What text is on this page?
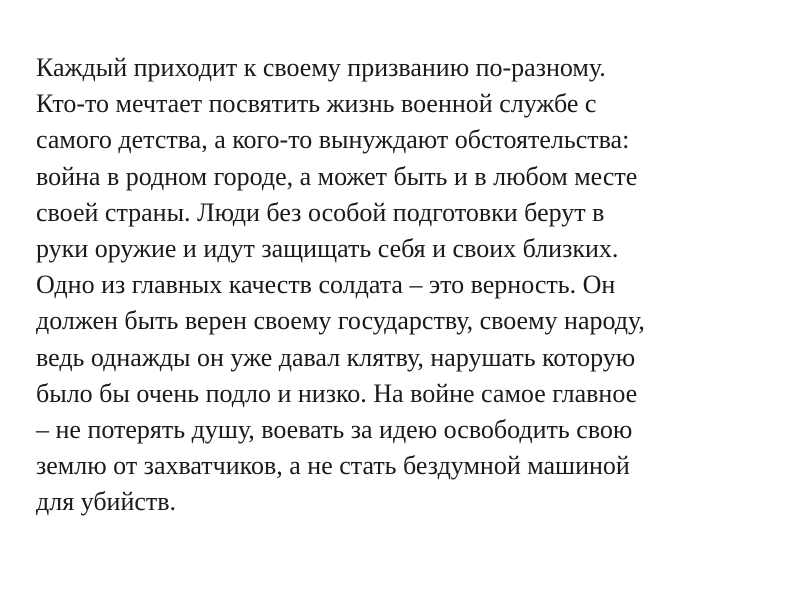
Каждый приходит к своему призванию по-разному.
Кто-то мечтает посвятить жизнь военной службе с
самого детства, а кого-то вынуждают обстоятельства:
война в родном городе, а может быть и в любом месте
своей страны. Люди без особой подготовки берут в
руки оружие и идут защищать себя и своих близких.
Одно из главных качеств солдата – это верность. Он
должен быть верен своему государству, своему народу,
ведь однажды он уже давал клятву, нарушать которую
было бы очень подло и низко. На войне самое главное
– не потерять душу, воевать за идею освободить свою
землю от захватчиков, а не стать бездумной машиной
для убийств.
